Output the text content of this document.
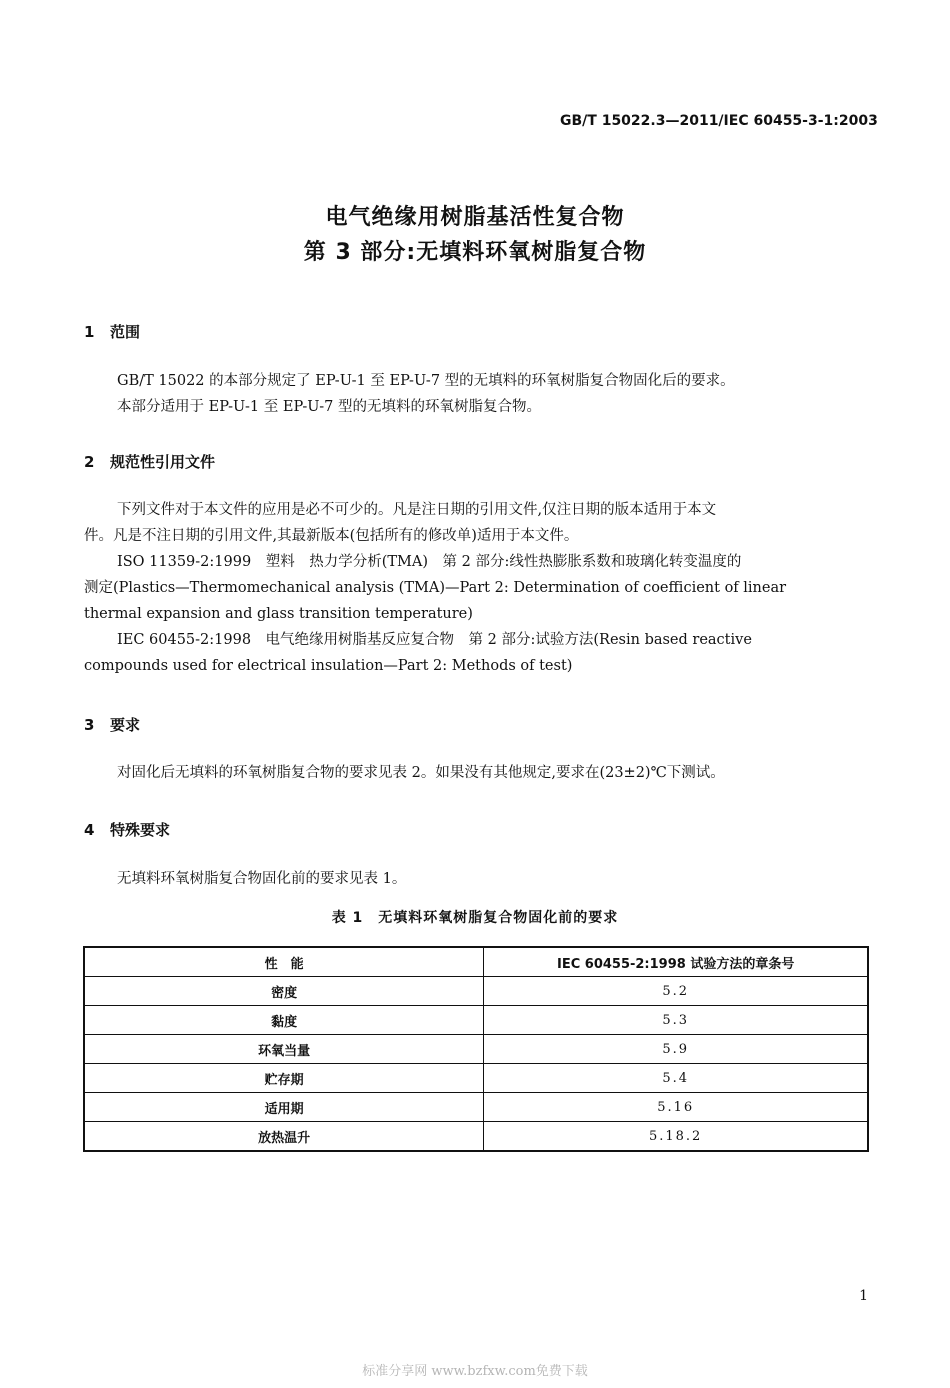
GB/T 15022.3—2011/IEC 60455-3-1:2003
电气绝缘用树脂基活性复合物
第 3 部分:无填料环氧树脂复合物
1 范围
GB/T 15022 的本部分规定了 EP-U-1 至 EP-U-7 型的无填料的环氧树脂复合物固化后的要求。
本部分适用于 EP-U-1 至 EP-U-7 型的无填料的环氧树脂复合物。
2 规范性引用文件
下列文件对于本文件的应用是必不可少的。凡是注日期的引用文件,仅注日期的版本适用于本文
件。凡是不注日期的引用文件,其最新版本(包括所有的修改单)适用于本文件。
ISO 11359-2:1999　塑料　热力学分析(TMA)　第 2 部分:线性热膨胀系数和玻璃化转变温度的
测定(Plastics—Thermomechanical analysis (TMA)—Part 2: Determination of coefficient of linear
thermal expansion and glass transition temperature)
IEC 60455-2:1998　电气绝缘用树脂基反应复合物　第 2 部分:试验方法(Resin based reactive
compounds used for electrical insulation—Part 2: Methods of test)
3 要求
对固化后无填料的环氧树脂复合物的要求见表 2。如果没有其他规定,要求在(23±2)℃下测试。
4 特殊要求
无填料环氧树脂复合物固化前的要求见表 1。
表 1　无填料环氧树脂复合物固化前的要求
性　能	IEC 60455-2:1998 试验方法的章条号
密度	5.2
黏度	5.3
环氧当量	5.9
贮存期	5.4
适用期	5.16
放热温升	5.18.2
1
标准分享网 www.bzfxw.com免费下载
